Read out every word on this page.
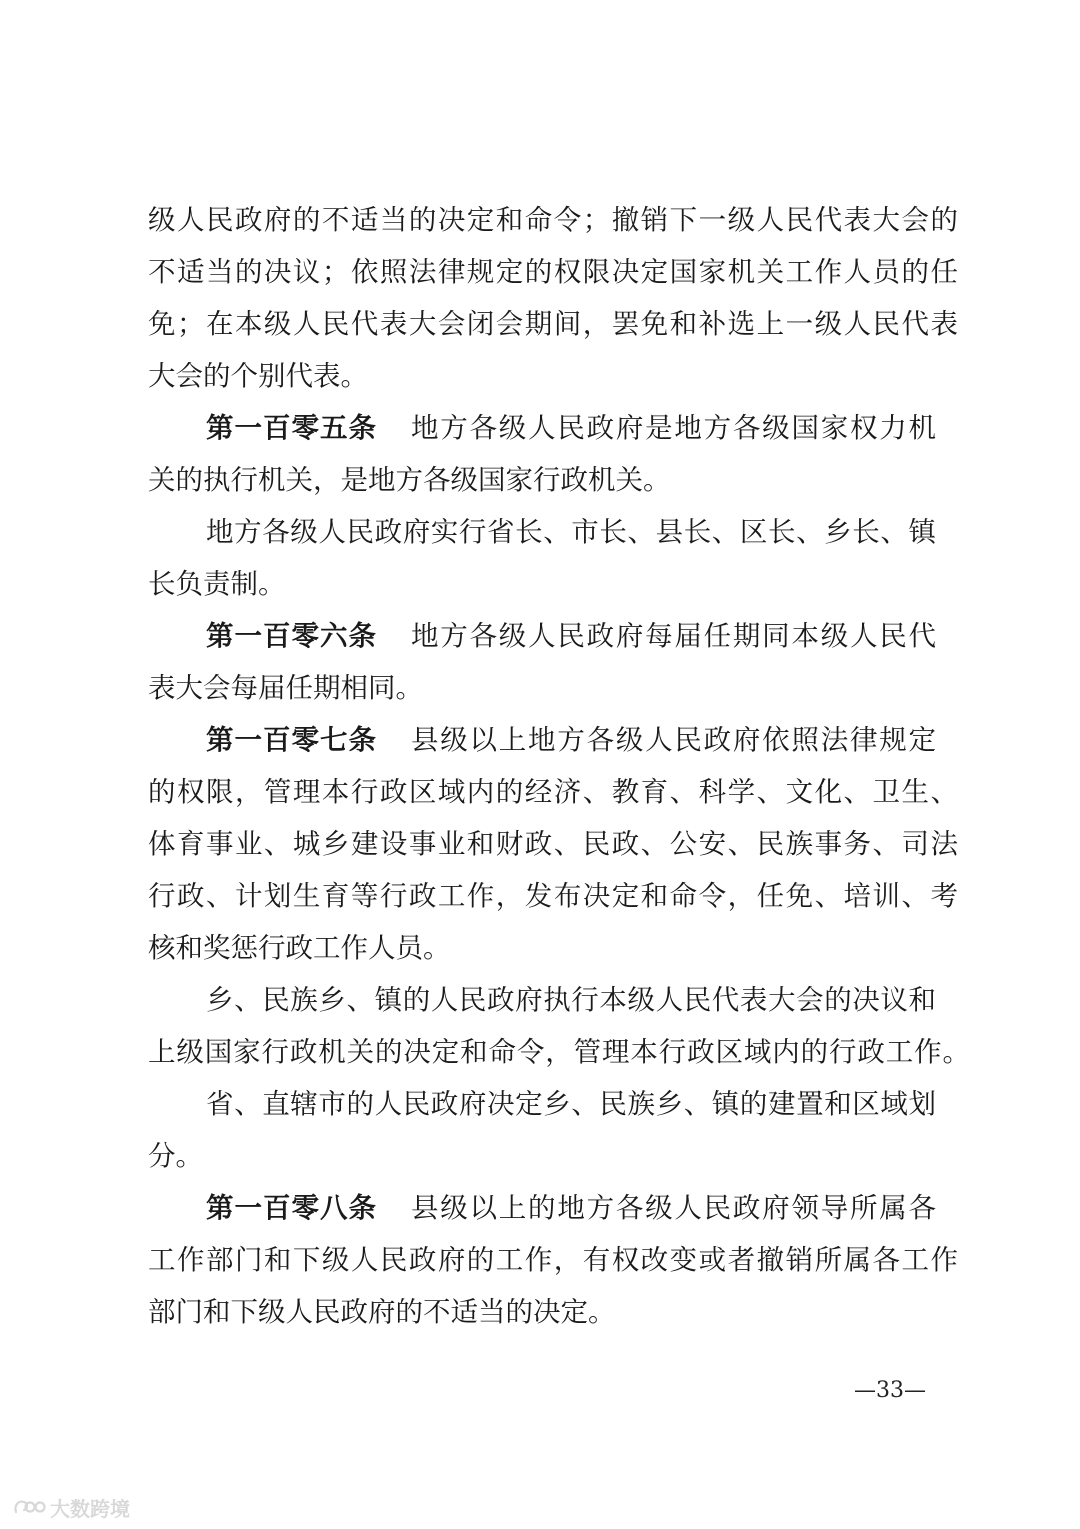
级人民政府的不适当的决定和命令；撤销下一级人民代表大会的
不适当的决议；依照法律规定的权限决定国家机关工作人员的任
免；在本级人民代表大会闭会期间，罢免和补选上一级人民代表
大会的个别代表。
第一百零五条 地方各级人民政府是地方各级国家权力机
关的执行机关，是地方各级国家行政机关。
地方各级人民政府实行省长、市长、县长、区长、乡长、镇
长负责制。
第一百零六条 地方各级人民政府每届任期同本级人民代
表大会每届任期相同。
第一百零七条 县级以上地方各级人民政府依照法律规定
的权限，管理本行政区域内的经济、教育、科学、文化、卫生、
体育事业、城乡建设事业和财政、民政、公安、民族事务、司法
行政、计划生育等行政工作，发布决定和命令，任免、培训、考
核和奖惩行政工作人员。
乡、民族乡、镇的人民政府执行本级人民代表大会的决议和
上级国家行政机关的决定和命令，管理本行政区域内的行政工作。
省、直辖市的人民政府决定乡、民族乡、镇的建置和区域划
分。
第一百零八条 县级以上的地方各级人民政府领导所属各
工作部门和下级人民政府的工作，有权改变或者撤销所属各工作
部门和下级人民政府的不适当的决定。
—33—
大数跨境
